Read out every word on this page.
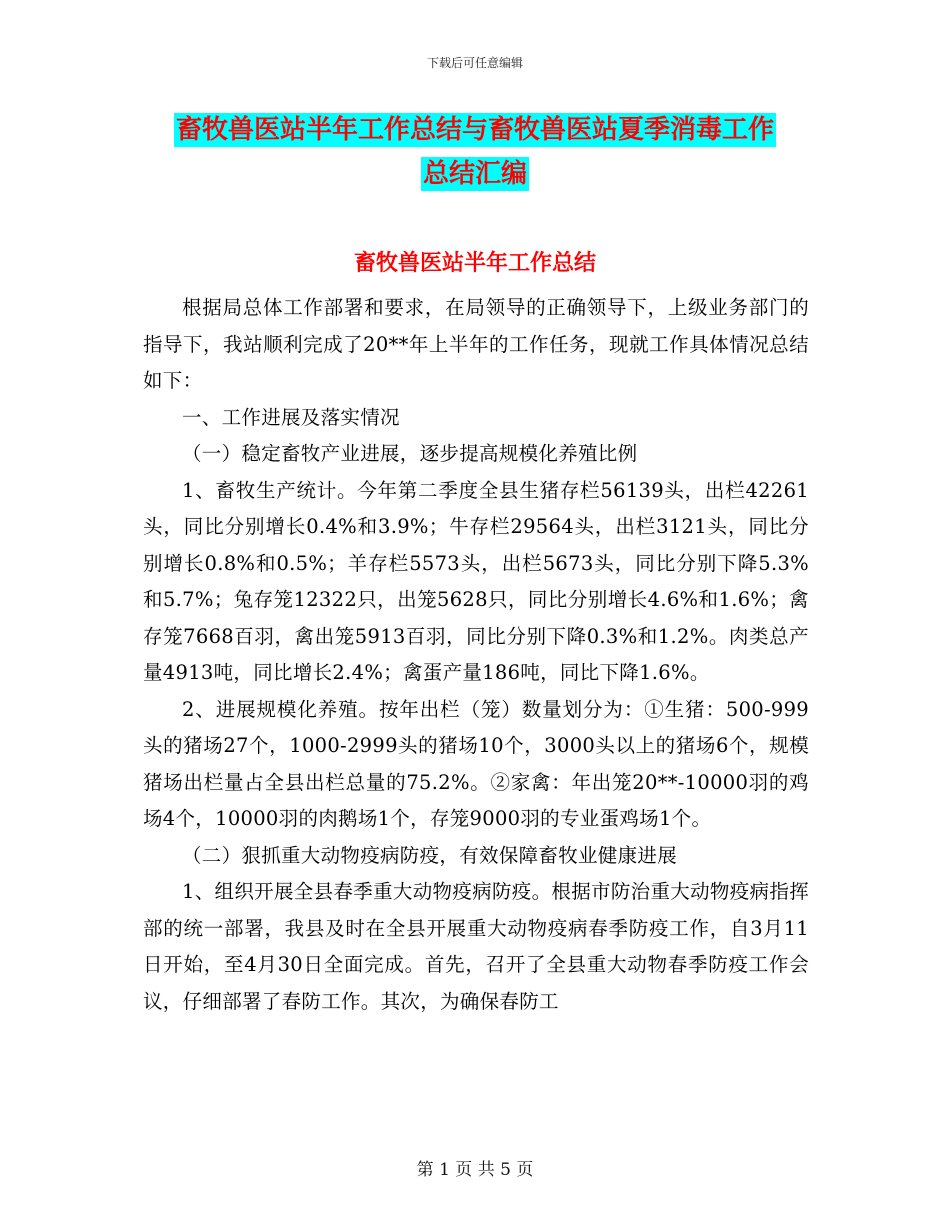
下载后可任意编辑
畜牧兽医站半年工作总结与畜牧兽医站夏季消毒工作
总结汇编
畜牧兽医站半年工作总结

根据局总体工作部署和要求，在局领导的正确领导下，上级业务部门的指导下，我站顺利完成了20**年上半年的工作任务，现就工作具体情况总结如下：

一、工作进展及落实情况

（一）稳定畜牧产业进展，逐步提高规模化养殖比例

1、畜牧生产统计。今年第二季度全县生猪存栏56139头，出栏42261头，同比分别增长0.4%和3.9%；牛存栏29564头，出栏3121头，同比分别增长0.8%和0.5%；羊存栏5573头，出栏5673头，同比分别下降5.3%和5.7%；兔存笼12322只，出笼5628只，同比分别增长4.6%和1.6%；禽存笼7668百羽，禽出笼5913百羽，同比分别下降0.3%和1.2%。肉类总产量4913吨，同比增长2.4%；禽蛋产量186吨，同比下降1.6%。

2、进展规模化养殖。按年出栏（笼）数量划分为：①生猪：500-999头的猪场27个，1000-2999头的猪场10个，3000头以上的猪场6个，规模猪场出栏量占全县出栏总量的75.2%。②家禽：年出笼20**-10000羽的鸡场4个，10000羽的肉鹅场1个，存笼9000羽的专业蛋鸡场1个。

（二）狠抓重大动物疫病防疫，有效保障畜牧业健康进展

1、组织开展全县春季重大动物疫病防疫。根据市防治重大动物疫病指挥部的统一部署，我县及时在全县开展重大动物疫病春季防疫工作，自3月11日开始，至4月30日全面完成。首先，召开了全县重大动物春季防疫工作会议，仔细部署了春防工作。其次，为确保春防工

第 1 页 共 5 页
